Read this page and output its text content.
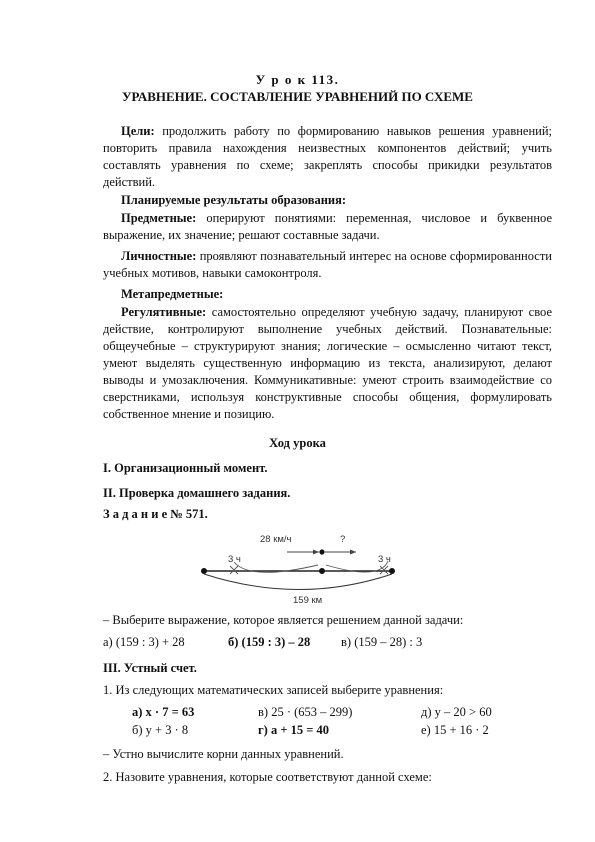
У р о к 113.
УРАВНЕНИЕ. СОСТАВЛЕНИЕ УРАВНЕНИЙ ПО СХЕМЕ
Цели: продолжить работу по формированию навыков решения уравнений; повторить правила нахождения неизвестных компонентов действий; учить составлять уравнения по схеме; закреплять способы прикидки результатов действий.
Планируемые результаты образования:
Предметные: оперируют понятиями: переменная, числовое и буквенное выражение, их значение; решают составные задачи.
Личностные: проявляют познавательный интерес на основе сформированности учебных мотивов, навыки самоконтроля.
Метапредметные:
Регулятивные: самостоятельно определяют учебную задачу, планируют свое действие, контролируют выполнение учебных действий. Познавательные: общеучебные – структурируют знания; логические – осмысленно читают текст, умеют выделять существенную информацию из текста, анализируют, делают выводы и умозаключения. Коммуникативные: умеют строить взаимодействие со сверстниками, используя конструктивные способы общения, формулировать собственное мнение и позицию.
Ход урока
I. Организационный момент.
II. Проверка домашнего задания.
З а д а н и е № 571.
28 км/ч	?
3 ч	3 ч
159 км
– Выберите выражение, которое является решением данной задачи:
а) (159 : 3) + 28	б) (159 : 3) – 28 в) (159 – 28) : 3
III. Устный счет.
1. Из следующих математических записей выберите уравнения:
а) x · 7 = 63	в) 25 · (653 – 299)	д) y – 20 > 60
б) y + 3 · 8	г) a + 15 = 40	е) 15 + 16 · 2
– Устно вычислите корни данных уравнений.
2. Назовите уравнения, которые соответствуют данной схеме:
